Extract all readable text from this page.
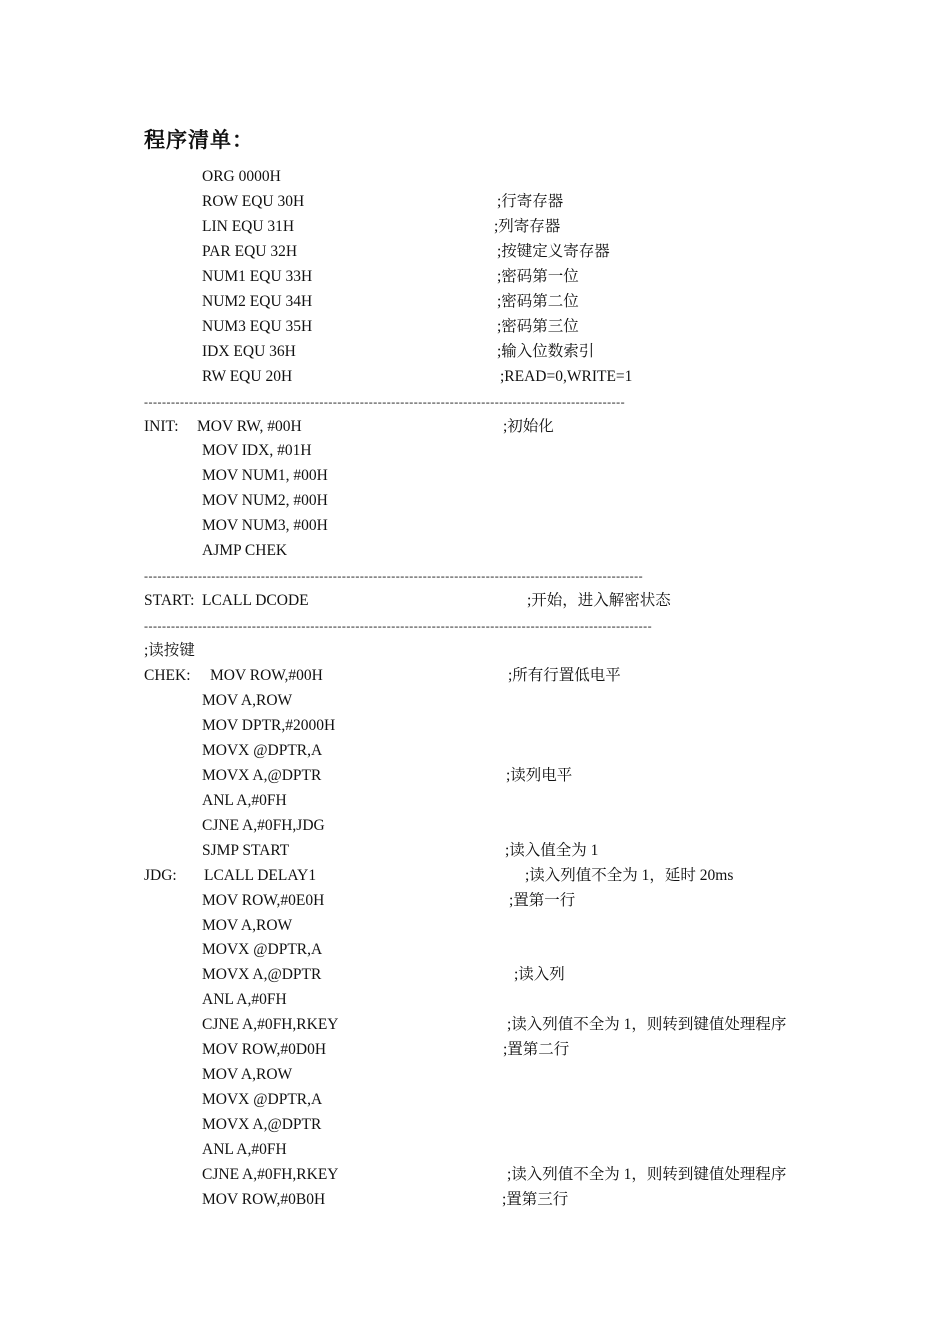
程序清单：
ORG 0000H
ROW EQU 30H	;行寄存器
LIN EQU 31H	;列寄存器
PAR EQU 32H	;按键定义寄存器
NUM1 EQU 33H	;密码第一位
NUM2 EQU 34H	;密码第二位
NUM3 EQU 35H	;密码第三位
IDX EQU 36H	;输入位数索引
RW EQU 20H	;READ=0,WRITE=1
-----------------------------------------------------------------------------------------------------------
INIT: MOV RW, #00H	;初始化
MOV IDX, #01H
MOV NUM1, #00H
MOV NUM2, #00H
MOV NUM3, #00H
AJMP CHEK
---------------------------------------------------------------------------------------------------------------
START: LCALL DCODE	;开始，进入解密状态
-----------------------------------------------------------------------------------------------------------------
;读按键
CHEK: MOV ROW,#00H	;所有行置低电平
MOV A,ROW
MOV DPTR,#2000H
MOVX @DPTR,A
MOVX A,@DPTR	;读列电平
ANL A,#0FH
CJNE A,#0FH,JDG
SJMP START	;读入值全为 1
JDG: LCALL DELAY1	;读入列值不全为 1，延时 20ms
MOV ROW,#0E0H	;置第一行
MOV A,ROW
MOVX @DPTR,A
MOVX A,@DPTR	;读入列
ANL A,#0FH
CJNE A,#0FH,RKEY	;读入列值不全为 1，则转到键值处理程序
MOV ROW,#0D0H	;置第二行
MOV A,ROW
MOVX @DPTR,A
MOVX A,@DPTR
ANL A,#0FH
CJNE A,#0FH,RKEY	;读入列值不全为 1，则转到键值处理程序
MOV ROW,#0B0H	;置第三行
